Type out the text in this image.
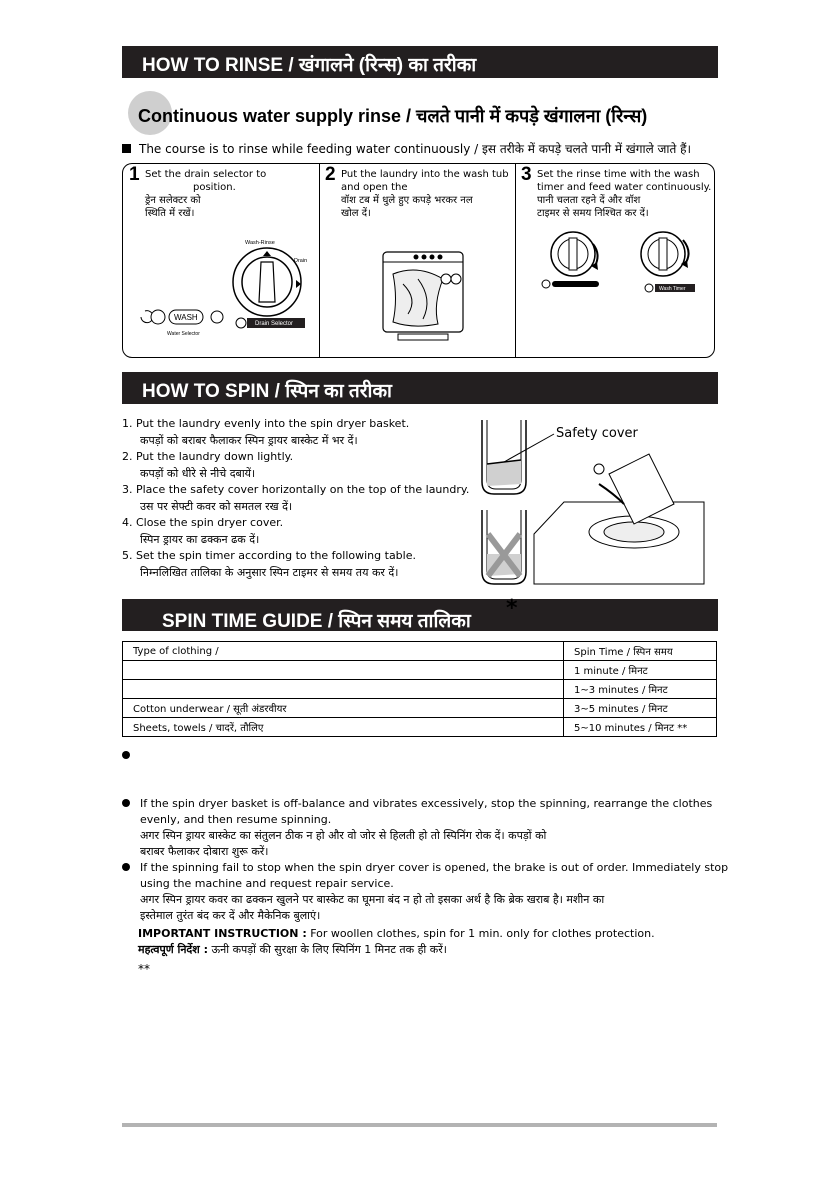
HOW TO RINSE / खंगालने (रिन्स) का तरीका
Continuous water supply rinse / चलते पानी में कपड़े खंगालना (रिन्स)
The course is to rinse while feeding water continuously / इस तरीके में कपड़े चलते पानी में खंगाले जाते हैं।
1 Set the drain selector to
position.
ड्रेन सलेक्टर को
स्थिति में रखें।
2 Put the laundry into the wash tub
and open the
वॉश टब में धुले हुए कपड़े भरकर नल
खोल दें।
3 Set the rinse time with the wash
timer and feed water continuously.
पानी चलता रहने दें और वॉश
टाइमर से समय निश्चित कर दें।
Wash-Rinse
Drain
WASH
Water Selector
Drain Selector
Wash Timer
HOW TO SPIN / स्पिन का तरीका
1. Put the laundry evenly into the spin dryer basket.
कपड़ों को बराबर फैलाकर स्पिन ड्रायर बास्केट में भर दें।
2. Put the laundry down lightly.
कपड़ों को धीरे से नीचे दबायें।
3. Place the safety cover horizontally on the top of the laundry.
उस पर सेफ्टी कवर को समतल रख दें।
4. Close the spin dryer cover.
स्पिन ड्रायर का ढक्कन ढक दें।
5. Set the spin timer according to the following table.
निम्नलिखित तालिका के अनुसार स्पिन टाइमर से समय तय कर दें।
Safety cover
SPIN TIME GUIDE / स्पिन समय तालिका
*
Type of clothing /	Spin Time / स्पिन समय
	1 minute / मिनट
	1~3 minutes / मिनट
Cotton underwear / सूती अंडरवीयर	3~5 minutes / मिनट
Sheets, towels / चादरें, तौलिए	5~10 minutes / मिनट **
If the spin dryer basket is off-balance and vibrates excessively, stop the spinning, rearrange the clothes
evenly, and then resume spinning.
अगर स्पिन ड्रायर बास्केट का संतुलन ठीक न हो और वो जोर से हिलती हो तो स्पिनिंग रोक दें। कपड़ों को
बराबर फैलाकर दोबारा शुरू करें।
If the spinning fail to stop when the spin dryer cover is opened, the brake is out of order. Immediately stop
using the machine and request repair service.
अगर स्पिन ड्रायर कवर का ढक्कन खुलने पर बास्केट का घूमना बंद न हो तो इसका अर्थ है कि ब्रेक खराब है। मशीन का
इस्तेमाल तुरंत बंद कर दें और मैकेनिक बुलाएं।
IMPORTANT INSTRUCTION : For woollen clothes, spin for 1 min. only for clothes protection.
महत्वपूर्ण निर्देश : ऊनी कपड़ों की सुरक्षा के लिए स्पिनिंग 1 मिनट तक ही करें।
**
